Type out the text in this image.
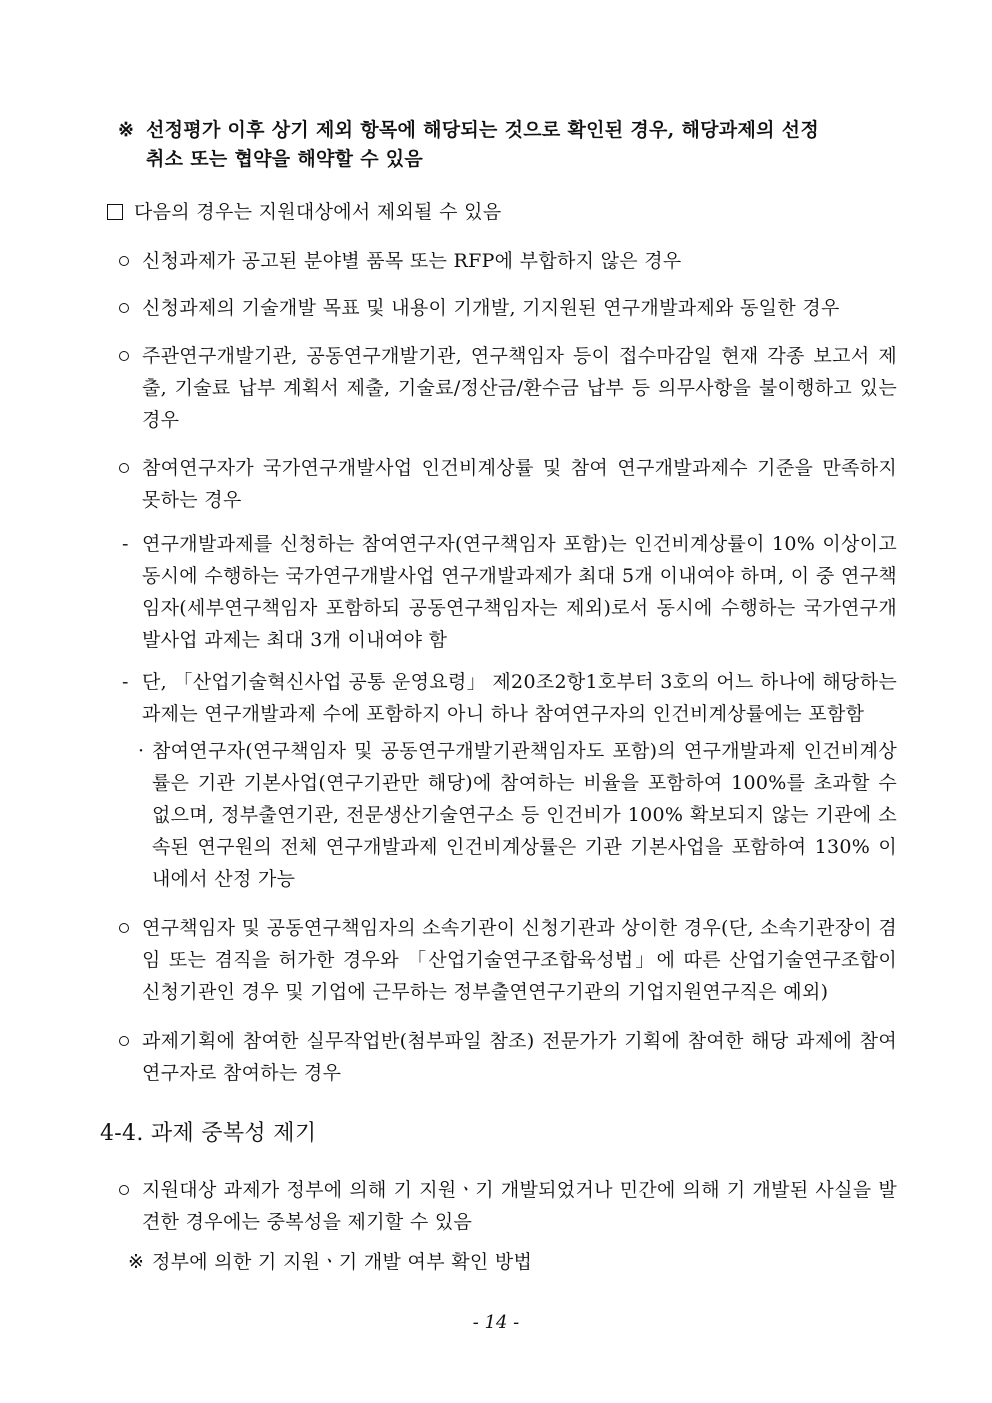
※ 선정평가 이후 상기 제외 항목에 해당되는 것으로 확인된 경우, 해당과제의 선정
취소 또는 협약을 해약할 수 있음
다음의 경우는 지원대상에서 제외될 수 있음
신청과제가 공고된 분야별 품목 또는 RFP에 부합하지 않은 경우
신청과제의 기술개발 목표 및 내용이 기개발, 기지원된 연구개발과제와 동일한 경우
주관연구개발기관, 공동연구개발기관, 연구책임자 등이 접수마감일 현재 각종 보고서 제출, 기술료 납부 계획서 제출, 기술료/정산금/환수금 납부 등 의무사항을 불이행하고 있는 경우
참여연구자가 국가연구개발사업 인건비계상률 및 참여 연구개발과제수 기준을 만족하지 못하는 경우
- 연구개발과제를 신청하는 참여연구자(연구책임자 포함)는 인건비계상률이 10% 이상이고 동시에 수행하는 국가연구개발사업 연구개발과제가 최대 5개 이내여야 하며, 이 중 연구책임자(세부연구책임자 포함하되 공동연구책임자는 제외)로서 동시에 수행하는 국가연구개발사업 과제는 최대 3개 이내여야 함
- 단, 「산업기술혁신사업 공통 운영요령」 제20조2항1호부터 3호의 어느 하나에 해당하는 과제는 연구개발과제 수에 포함하지 아니 하나 참여연구자의 인건비계상률에는 포함함
· 참여연구자(연구책임자 및 공동연구개발기관책임자도 포함)의 연구개발과제 인건비계상률은 기관 기본사업(연구기관만 해당)에 참여하는 비율을 포함하여 100%를 초과할 수 없으며, 정부출연기관, 전문생산기술연구소 등 인건비가 100% 확보되지 않는 기관에 소속된 연구원의 전체 연구개발과제 인건비계상률은 기관 기본사업을 포함하여 130% 이내에서 산정 가능
연구책임자 및 공동연구책임자의 소속기관이 신청기관과 상이한 경우(단, 소속기관장이 겸임 또는 겸직을 허가한 경우와 「산업기술연구조합육성법」에 따른 산업기술연구조합이 신청기관인 경우 및 기업에 근무하는 정부출연연구기관의 기업지원연구직은 예외)
과제기획에 참여한 실무작업반(첨부파일 참조) 전문가가 기획에 참여한 해당 과제에 참여연구자로 참여하는 경우
4-4. 과제 중복성 제기
지원대상 과제가 정부에 의해 기 지원ㆍ기 개발되었거나 민간에 의해 기 개발된 사실을 발견한 경우에는 중복성을 제기할 수 있음
※ 정부에 의한 기 지원ㆍ기 개발 여부 확인 방법
- 14 -
